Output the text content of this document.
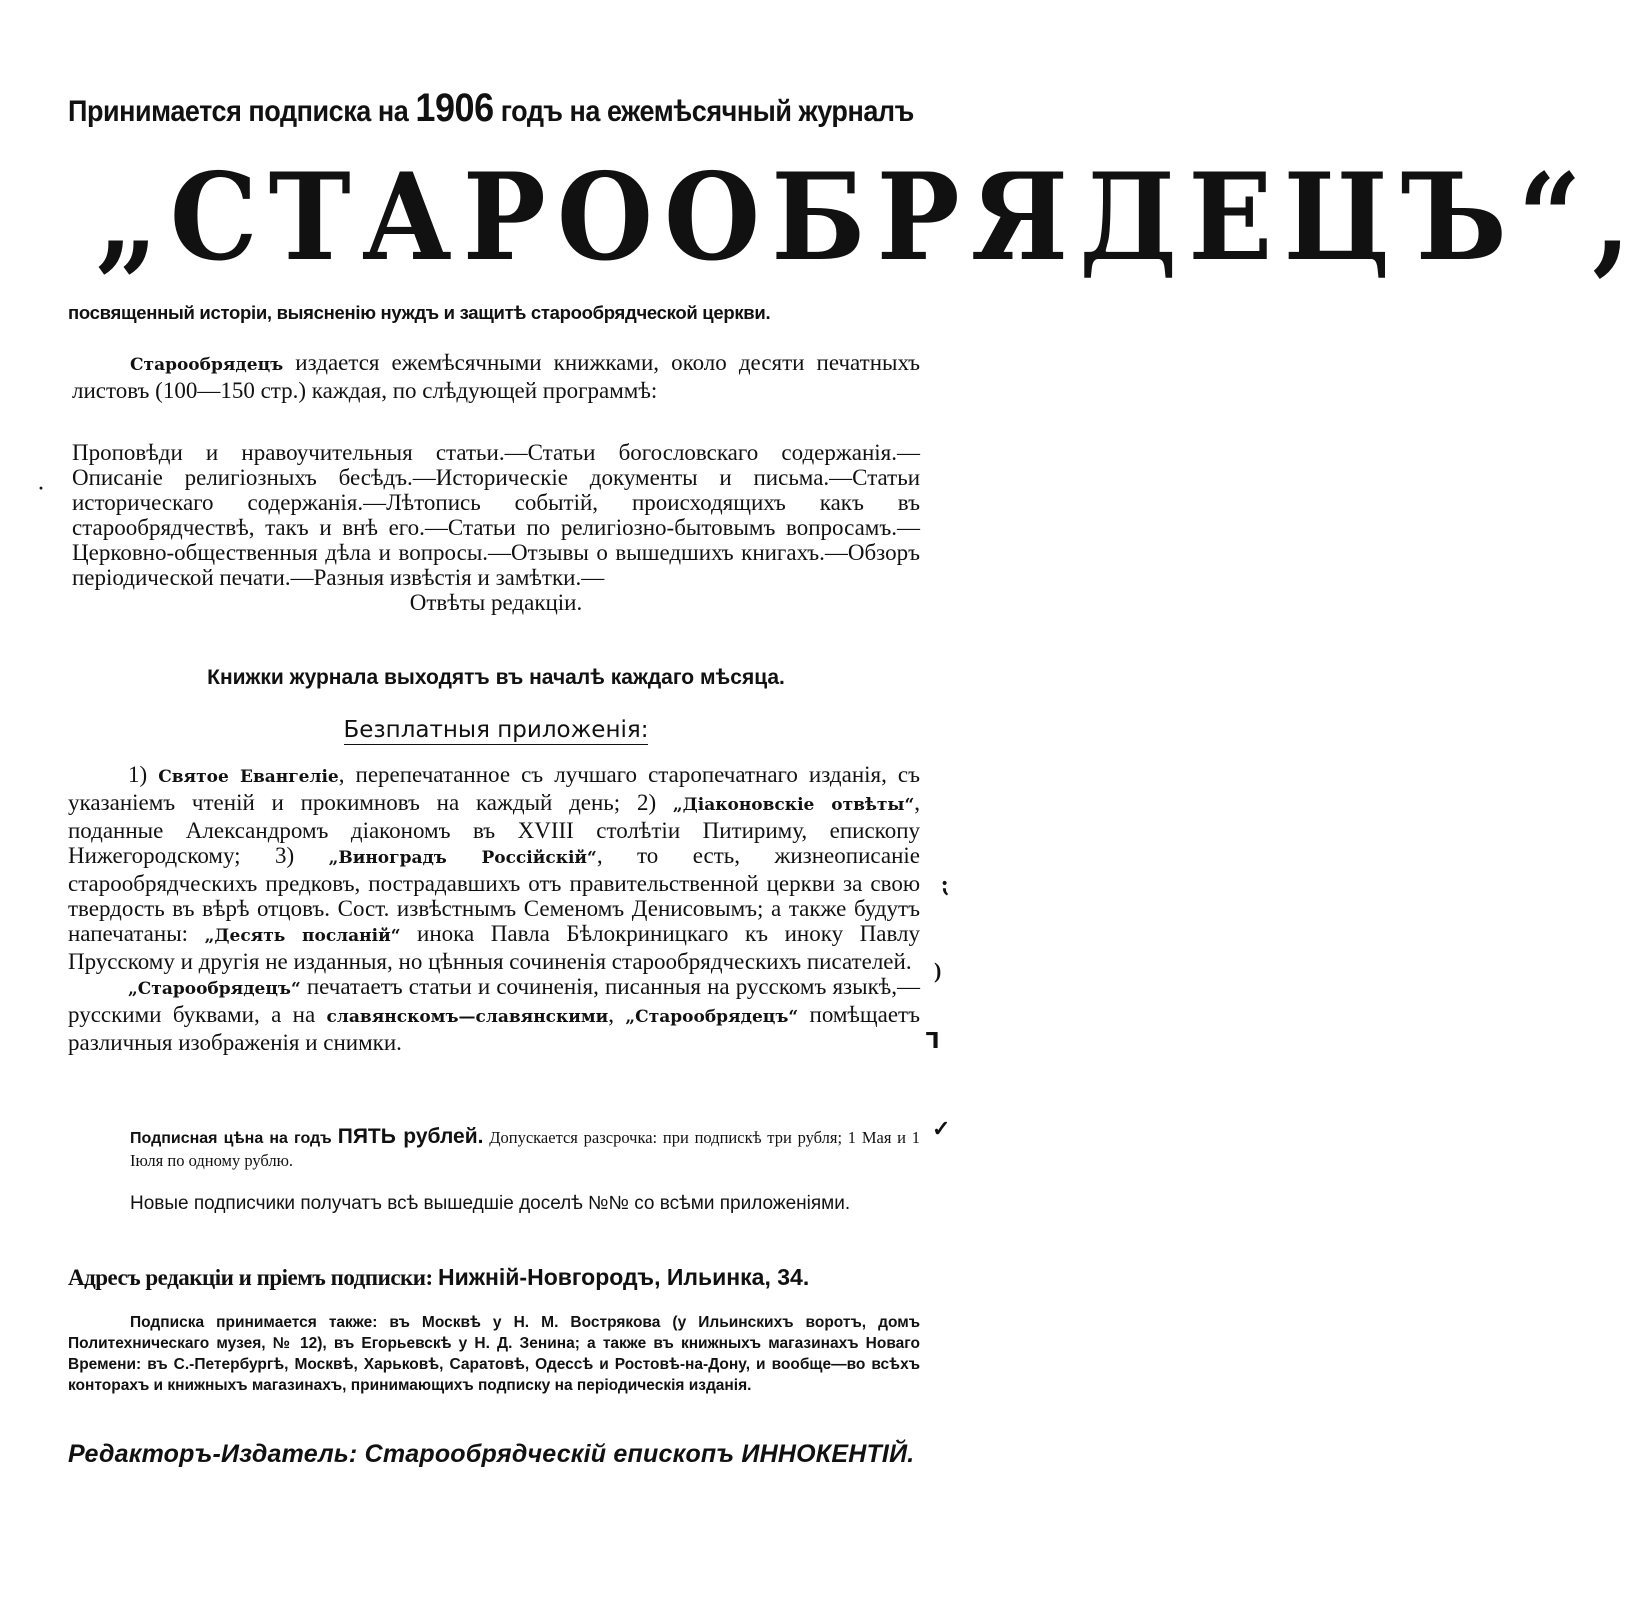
Принимается подписка на 1906 годъ на ежемѣсячный журналъ
„СТАРООБРЯДЕЦЪ“,
посвященный исторіи, выясненію нуждъ и защитѣ старообрядческой церкви.
Старообрядецъ издается ежемѣсячными книжками, около десяти печатныхъ листовъ (100—150 стр.) каждая, по слѣдующей программѣ:

Проповѣди и нравоучительныя статьи.—Статьи богословскаго содержанія.—Описаніе религіозныхъ бесѣдъ.—Историческіе документы и письма.—Статьи историческаго содержанія.—Лѣтопись событій, происходящихъ какъ въ старообрядчествѣ, такъ и внѣ его.—Статьи по религіозно-бытовымъ вопросамъ.—Церковно-общественныя дѣла и вопросы.—Отзывы о вышедшихъ книгахъ.—Обзоръ періодической печати.—Разныя извѣстія и замѣтки.—

Отвѣты редакціи.

Книжки журнала выходятъ въ началѣ каждаго мѣсяца.
Безплатныя приложенія:

1) Святое Евангеліе, перепечатанное съ лучшаго старопечатнаго изданія, съ указаніемъ чтеній и прокимновъ на каждый день; 2) „Діаконовскіе отвѣты“, поданные Александромъ діакономъ въ XVIII столѣтіи Питириму, епископу Нижегородскому; 3) „Виноградъ Россійскій“, то есть, жизнеописаніе старообрядческихъ предковъ, пострадавшихъ отъ правительственной церкви за свою твердость въ вѣрѣ отцовъ. Сост. извѣстнымъ Семеномъ Денисовымъ; а также будутъ напечатаны: „Десять посланій“ инока Павла Бѣлокриницкаго къ иноку Павлу Прусскому и другія не изданныя, но цѣнныя сочиненія старообрядческихъ писателей.

„Старообрядецъ“ печатаетъ статьи и сочиненія, писанныя на русскомъ языкѣ,—русскими буквами, а на славянскомъ—славянскими, „Старообрядецъ“ помѣщаетъ различныя изображенія и снимки.

Подписная цѣна на годъ ПЯТЬ рублей. Допускается разсрочка: при подпискѣ три рубля; 1 Мая и 1 Іюля по одному рублю.

Новые подписчики получатъ всѣ вышедшіе доселѣ №№ со всѣми приложеніями.

Адресъ редакціи и пріемъ подписки: Нижній-Новгородъ, Ильинка, 34.

Подписка принимается также: въ Москвѣ у Н. М. Вострякова (у Ильинскихъ воротъ, домъ Политехническаго музея, № 12), въ Егорьевскѣ у Н. Д. Зенина; а также въ книжныхъ магазинахъ Новаго Времени: въ С.-Петербургѣ, Москвѣ, Харьковѣ, Саратовѣ, Одессѣ и Ростовѣ-на-Дону, и вообще—во всѣхъ конторахъ и книжныхъ магазинахъ, принимающихъ подписку на періодическія изданія.

Редакторъ-Издатель: Старообрядческій епископъ ИННОКЕНТІЙ.
·
⁏
)
⅂
✓
